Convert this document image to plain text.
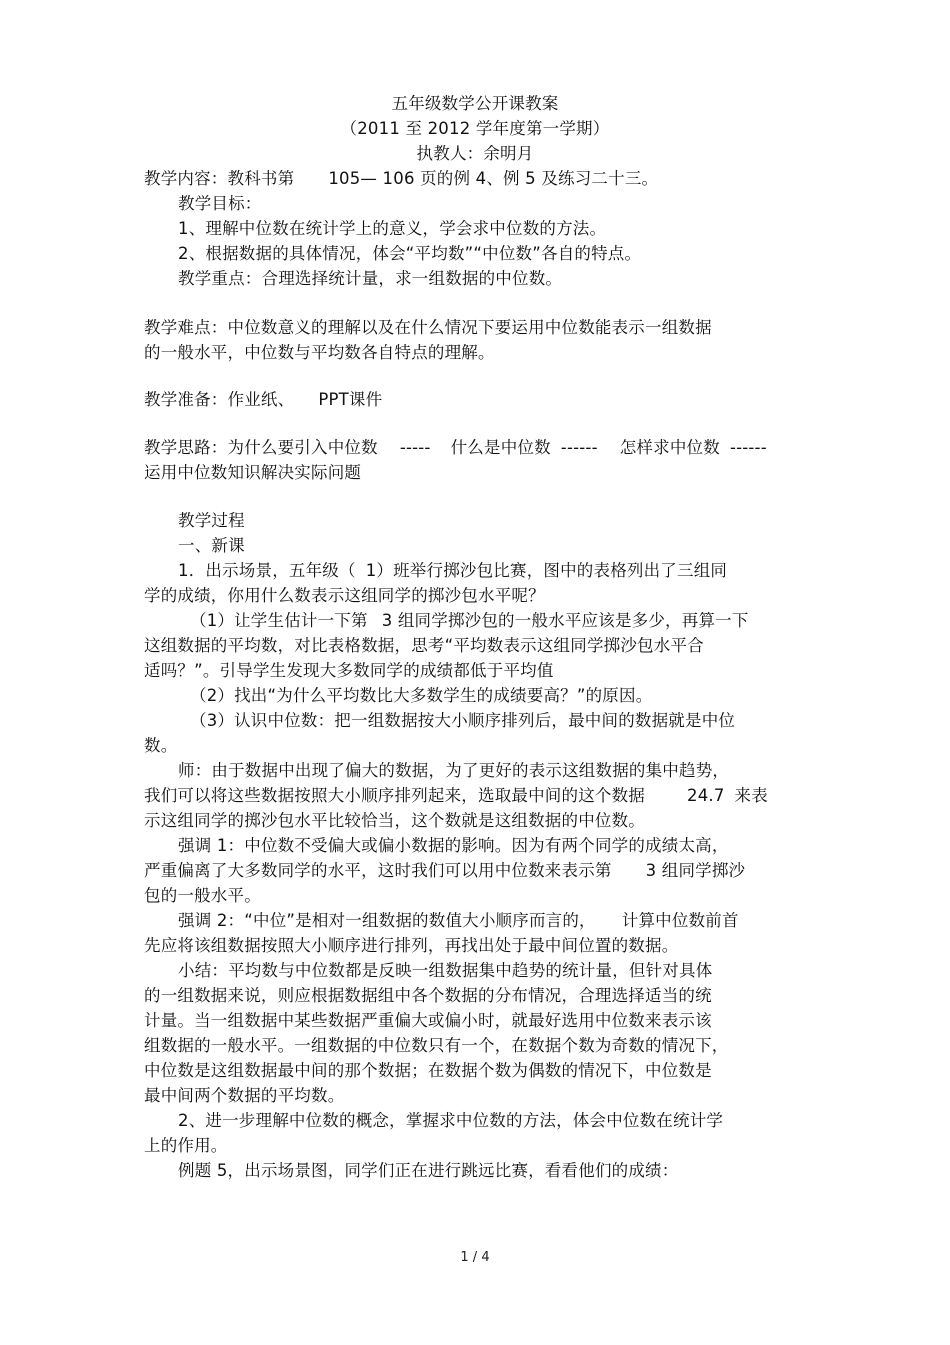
五年级数学公开课教案
（2011 至 2012 学年度第一学期）
执教人：余明月
教学内容：教科书第 105— 106 页的例 4、例 5 及练习二十三。
教学目标：
1、理解中位数在统计学上的意义，学会求中位数的方法。
2、根据数据的具体情况，体会“平均数”“中位数”各自的特点。
教学重点：合理选择统计量，求一组数据的中位数。
教学难点：中位数意义的理解以及在什么情况下要运用中位数能表示一组数据
的一般水平，中位数与平均数各自特点的理解。
教学准备：作业纸、 PPT课件
教学思路：为什么要引入中位数 ----- 什么是中位数 ------ 怎样求中位数 ------
运用中位数知识解决实际问题
教学过程
一、新课
1．出示场景，五年级（ 1）班举行掷沙包比赛，图中的表格列出了三组同
学的成绩，你用什么数表示这组同学的掷沙包水平呢？
（1）让学生估计一下第 3 组同学掷沙包的一般水平应该是多少，再算一下
这组数据的平均数，对比表格数据，思考“平均数表示这组同学掷沙包水平合
适吗？”。引导学生发现大多数同学的成绩都低于平均值
（2）找出“为什么平均数比大多数学生的成绩要高？”的原因。
（3）认识中位数：把一组数据按大小顺序排列后，最中间的数据就是中位
数。
师：由于数据中出现了偏大的数据，为了更好的表示这组数据的集中趋势，
我们可以将这些数据按照大小顺序排列起来，选取最中间的这个数据	24.7 来表
示这组同学的掷沙包水平比较恰当，这个数就是这组数据的中位数。
强调 1：中位数不受偏大或偏小数据的影响。因为有两个同学的成绩太高，
严重偏离了大多数同学的水平，这时我们可以用中位数来表示第 3 组同学掷沙
包的一般水平。
强调 2：“中位”是相对一组数据的数值大小顺序而言的， 计算中位数前首
先应将该组数据按照大小顺序进行排列，再找出处于最中间位置的数据。
小结：平均数与中位数都是反映一组数据集中趋势的统计量，但针对具体
的一组数据来说，则应根据数据组中各个数据的分布情况，合理选择适当的统
计量。当一组数据中某些数据严重偏大或偏小时，就最好选用中位数来表示该
组数据的一般水平。一组数据的中位数只有一个，在数据个数为奇数的情况下，
中位数是这组数据最中间的那个数据；在数据个数为偶数的情况下，中位数是
最中间两个数据的平均数。
2、进一步理解中位数的概念，掌握求中位数的方法，体会中位数在统计学
上的作用。
例题 5，出示场景图，同学们正在进行跳远比赛，看看他们的成绩：
1 / 4
